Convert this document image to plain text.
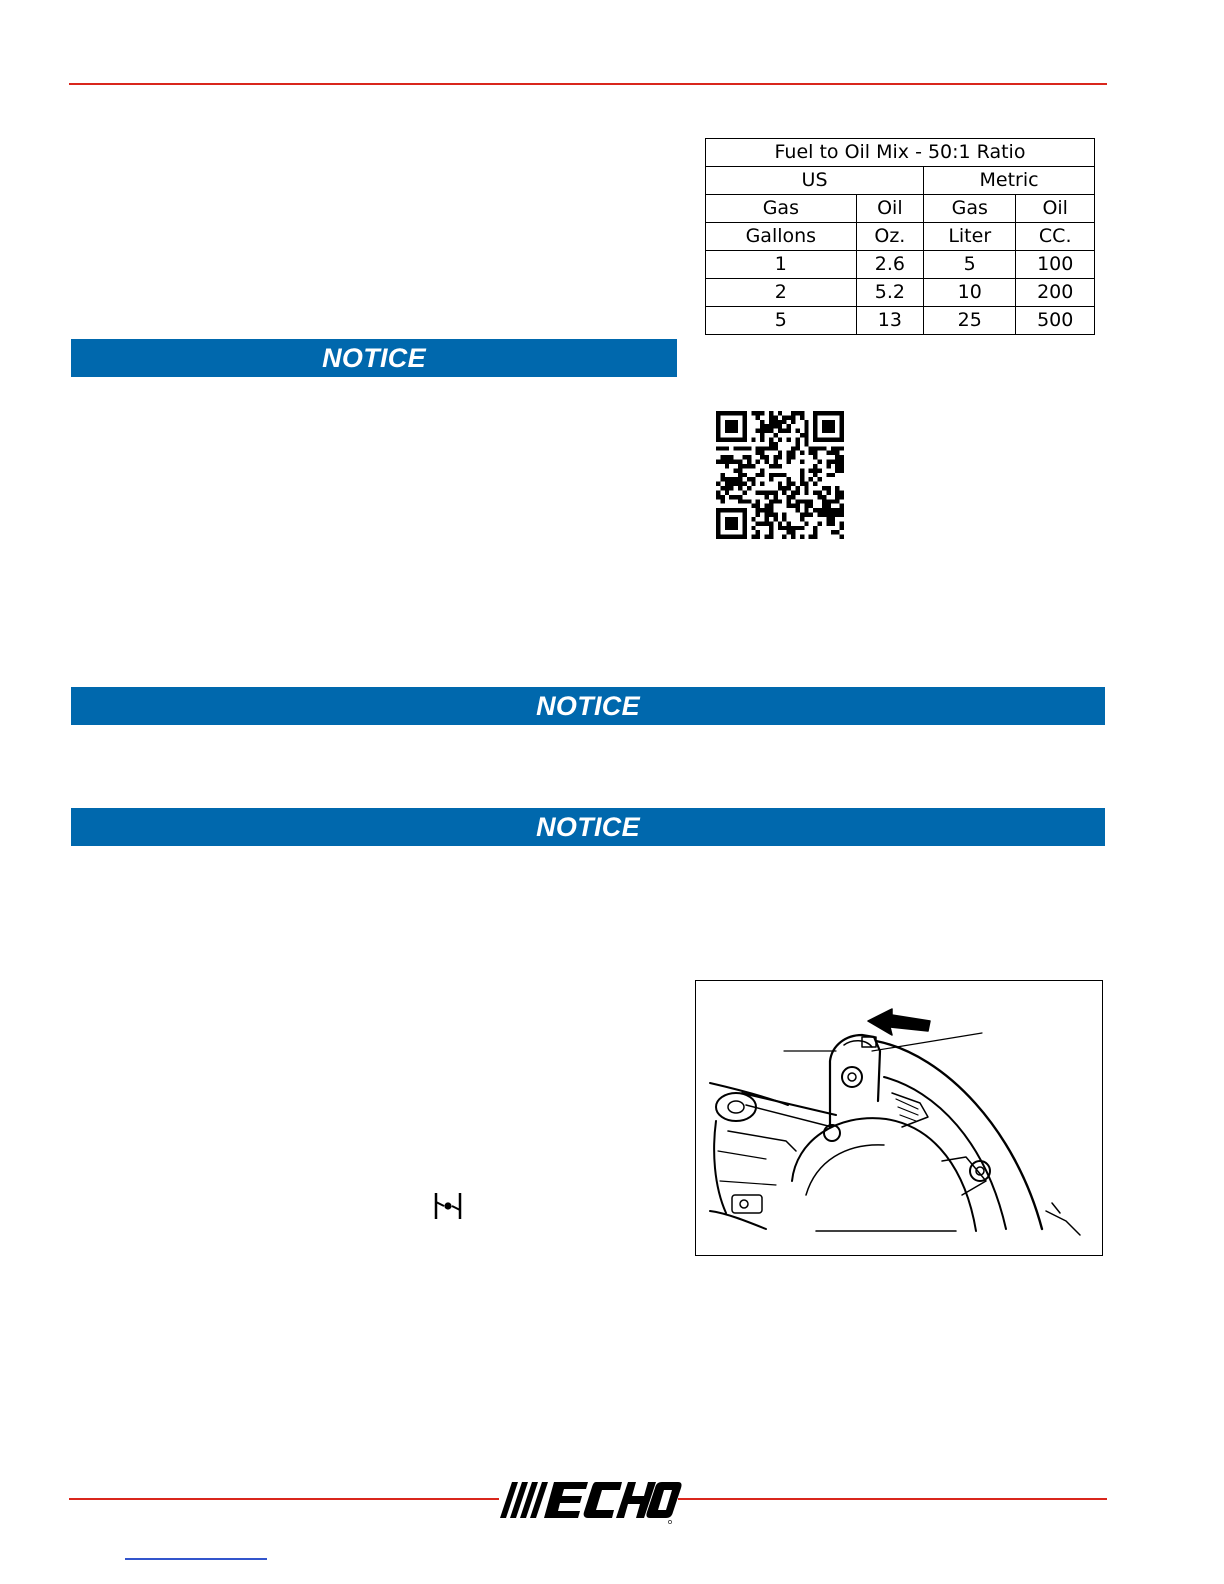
Fuel to Oil Mix - 50:1 Ratio			
US		Metric	
Gas	Oil	Gas	Oil
Gallons	Oz.	Liter	CC.
1	2.6	5	100
2	5.2	10	200
5	13	25	500
NOTICE
NOTICE
NOTICE
